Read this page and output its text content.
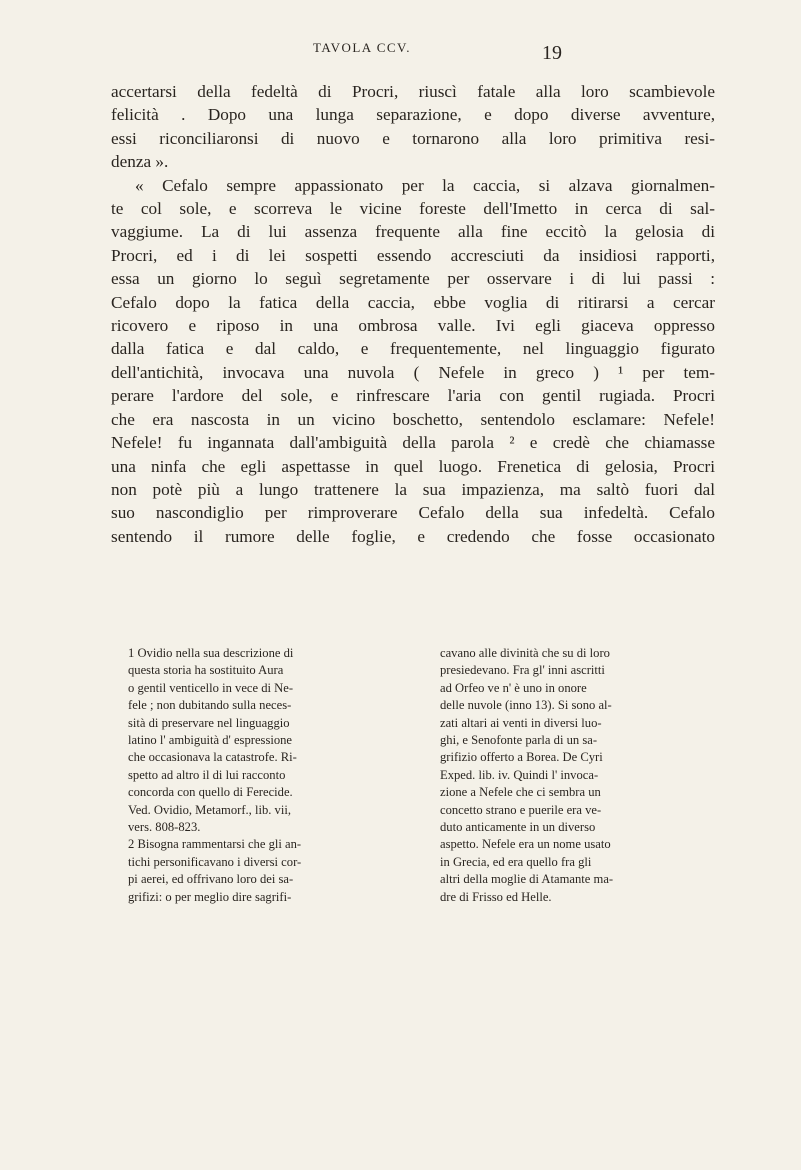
TAVOLA CCV.	19

accertarsi della fedeltà di Procri, riuscì fatale alla loro scambievole

felicità . Dopo una lunga separazione, e dopo diverse avventure,

essi riconciliaronsi di nuovo e tornarono alla loro primitiva resi-

denza ».

« Cefalo sempre appassionato per la caccia, si alzava giornalmen-

te col sole, e scorreva le vicine foreste dell'Imetto in cerca di sal-

vaggiume. La di lui assenza frequente alla fine eccitò la gelosia di

Procri, ed i di lei sospetti essendo accresciuti da insidiosi rapporti,

essa un giorno lo seguì segretamente per osservare i di lui passi :

Cefalo dopo la fatica della caccia, ebbe voglia di ritirarsi a cercar

ricovero e riposo in una ombrosa valle. Ivi egli giaceva oppresso

dalla fatica e dal caldo, e frequentemente, nel linguaggio figurato

dell'antichità, invocava una nuvola ( Nefele in greco ) ¹ per tem-

perare l'ardore del sole, e rinfrescare l'aria con gentil rugiada. Procri

che era nascosta in un vicino boschetto, sentendolo esclamare: Nefele!

Nefele! fu ingannata dall'ambiguità della parola ² e credè che chiamasse

una ninfa che egli aspettasse in quel luogo. Frenetica di gelosia, Procri

non potè più a lungo trattenere la sua impazienza, ma saltò fuori dal

suo nascondiglio per rimproverare Cefalo della sua infedeltà. Cefalo

sentendo il rumore delle foglie, e credendo che fosse occasionato

1 Ovidio nella sua descrizione di

questa storia ha sostituito Aura

o gentil venticello in vece di Ne-

fele ; non dubitando sulla neces-

sità di preservare nel linguaggio

latino l' ambiguità d' espressione

che occasionava la catastrofe. Ri-

spetto ad altro il di lui racconto

concorda con quello di Ferecide.

Ved. Ovidio, Metamorf., lib. vii,

vers. 808-823.

2 Bisogna rammentarsi che gli an-

tichi personificavano i diversi cor-

pi aerei, ed offrivano loro dei sa-

grifizi: o per meglio dire sagrifi-

cavano alle divinità che su di loro

presiedevano. Fra gl' inni ascritti

ad Orfeo ve n' è uno in onore

delle nuvole (inno 13). Si sono al-

zati altari ai venti in diversi luo-

ghi, e Senofonte parla di un sa-

grifizio offerto a Borea. De Cyri

Exped. lib. iv. Quindi l' invoca-

zione a Nefele che ci sembra un

concetto strano e puerile era ve-

duto anticamente in un diverso

aspetto. Nefele era un nome usato

in Grecia, ed era quello fra gli

altri della moglie di Atamante ma-

dre di Frisso ed Helle.
